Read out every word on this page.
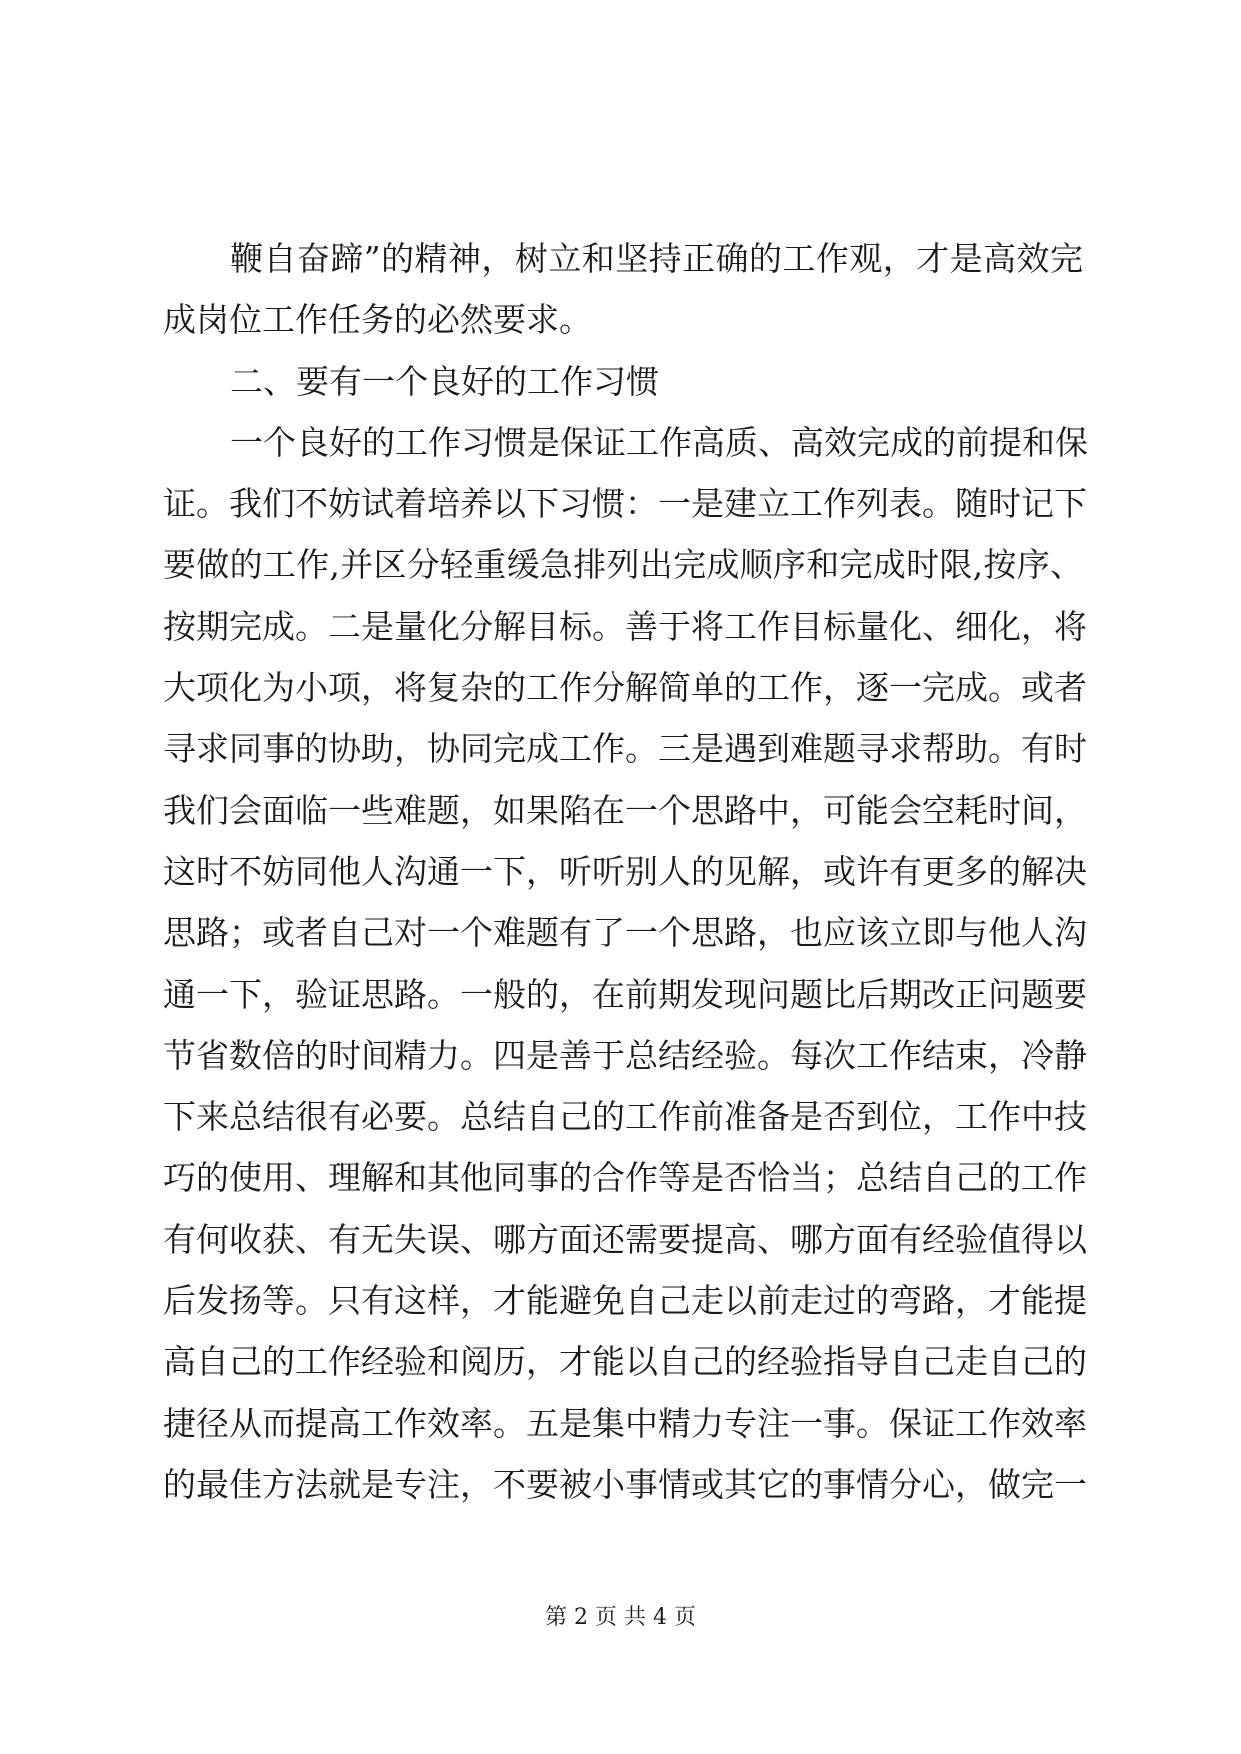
鞭自奋蹄”的精神，树立和坚持正确的工作观，才是高效完
成岗位工作任务的必然要求。
二、要有一个良好的工作习惯
一个良好的工作习惯是保证工作高质、高效完成的前提和保
证。我们不妨试着培养以下习惯：一是建立工作列表。随时记下
要做的工作,并区分轻重缓急排列出完成顺序和完成时限,按序、
按期完成。二是量化分解目标。善于将工作目标量化、细化，将
大项化为小项，将复杂的工作分解简单的工作，逐一完成。或者
寻求同事的协助，协同完成工作。三是遇到难题寻求帮助。有时
我们会面临一些难题，如果陷在一个思路中，可能会空耗时间，
这时不妨同他人沟通一下，听听别人的见解，或许有更多的解决
思路；或者自己对一个难题有了一个思路，也应该立即与他人沟
通一下，验证思路。一般的，在前期发现问题比后期改正问题要
节省数倍的时间精力。四是善于总结经验。每次工作结束，冷静
下来总结很有必要。总结自己的工作前准备是否到位，工作中技
巧的使用、理解和其他同事的合作等是否恰当；总结自己的工作
有何收获、有无失误、哪方面还需要提高、哪方面有经验值得以
后发扬等。只有这样，才能避免自己走以前走过的弯路，才能提
高自己的工作经验和阅历，才能以自己的经验指导自己走自己的
捷径从而提高工作效率。五是集中精力专注一事。保证工作效率
的最佳方法就是专注，不要被小事情或其它的事情分心，做完一
第 2 页 共 4 页
